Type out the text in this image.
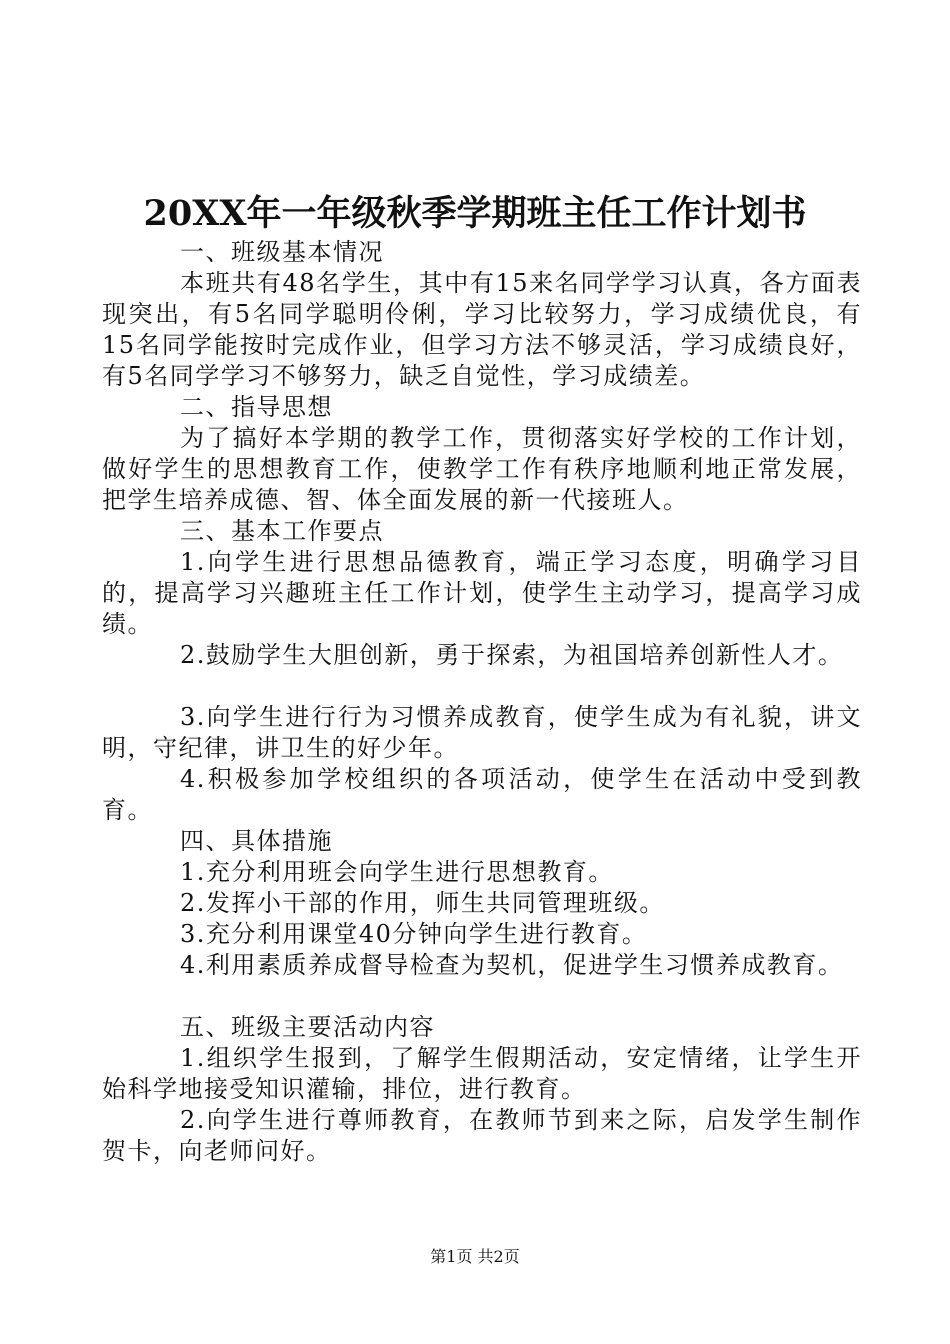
20XX年一年级秋季学期班主任工作计划书

一、班级基本情况

本班共有48名学生，其中有15来名同学学习认真，各方面表现突出，有5名同学聪明伶俐，学习比较努力，学习成绩优良，有15名同学能按时完成作业，但学习方法不够灵活，学习成绩良好，有5名同学学习不够努力，缺乏自觉性，学习成绩差。

二、指导思想

为了搞好本学期的教学工作，贯彻落实好学校的工作计划，做好学生的思想教育工作，使教学工作有秩序地顺利地正常发展，把学生培养成德、智、体全面发展的新一代接班人。

三、基本工作要点

1.向学生进行思想品德教育，端正学习态度，明确学习目的，提高学习兴趣班主任工作计划，使学生主动学习，提高学习成绩。

2.鼓励学生大胆创新，勇于探索，为祖国培养创新性人才。

3.向学生进行行为习惯养成教育，使学生成为有礼貌，讲文明，守纪律，讲卫生的好少年。

4.积极参加学校组织的各项活动，使学生在活动中受到教育。

四、具体措施

1.充分利用班会向学生进行思想教育。

2.发挥小干部的作用，师生共同管理班级。

3.充分利用课堂40分钟向学生进行教育。

4.利用素质养成督导检查为契机，促进学生习惯养成教育。

五、班级主要活动内容

1.组织学生报到，了解学生假期活动，安定情绪，让学生开始科学地接受知识灌输，排位，进行教育。

2.向学生进行尊师教育，在教师节到来之际，启发学生制作贺卡，向老师问好。

第1页 共2页
